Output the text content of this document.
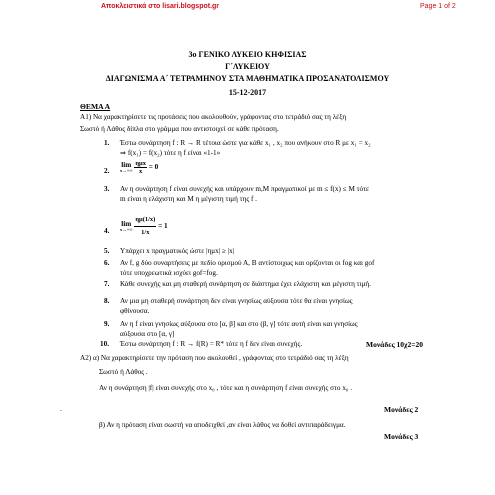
Αποκλειστικά στο lisari.blogspot.gr	Page 1 of 2
3ο ΓΕΝΙΚΟ ΛΥΚΕΙΟ ΚΗΦΙΣΙΑΣ
Γ΄ΛΥΚΕΙΟΥ
ΔΙΑΓΩΝΙΣΜΑ Α΄ ΤΕΤΡΑΜΗΝΟΥ ΣΤΑ ΜΑΘΗΜΑΤΙΚΑ ΠΡΟΣΑΝΑΤΟΛΙΣΜΟΥ
15-12-2017
ΘΕΜΑ Α
Α1) Να χαρακτηρίσετε τις προτάσεις που ακολουθούν, γράφοντας στο τετράδιό σας τη λέξη
Σωστό ή Λάθος δίπλα στο γράμμα που αντιστοιχεί σε κάθε πρόταση.
1. Έστω συνάρτηση f : R → R τέτοια ώστε για κάθε x₁ , x₂ που ανήκουν στο R με x₁ = x₂
⇒ f(x₁) = f(x₂) τότε η f είναι «1-1»
2.
lim
x→+∞
$\frac{\text{ημx}}{x} = 0$
3. Αν η συνάρτηση f είναι συνεχής και υπάρχουν m,M πραγματικοί με m ≤ f(x) ≤ M τότε
m είναι η ελάχιστη και Μ η μέγιστη τιμή της f .
4.
lim
x→+∞
$\frac{\eta\mu(1/x)}{1/x} = 1$
5. Υπάρχει x πραγματικός ώστε |ημx| ≥ |x|
6. Αν f, g δύο συναρτήσεις με πεδίο ορισμού Α, Β αντίστοιχως και ορίζονται οι fog και gof
τότε υποχρεωτικά ισχύει gof=fog.
7. Κάθε συνεχής και μη σταθερή συνάρτηση σε διάστημα έχει ελάχιστη και μέγιστη τιμή.
8. Αν μια μη σταθερή συνάρτηση δεν είναι γνησίως αύξουσα τότε θα είναι γνησίως
φθίνουσα.
9. Αν η f είναι γνησίως αύξουσα στο [α, β] και στο (β, γ] τότε αυτή είναι και γνησίως
αύξουσα στο [α, γ]
10. Έστω συνάρτηση f : R → f(R) = R* τότε η f δεν είναι συνεχής.	Μονάδες 10χ2=20
Α2) α) Να χαρακτηρίσετε την πρόταση που ακολουθεί , γράφοντας στο τετράδιό σας τη λέξη
Σωστό ή Λάθος .
Αν η συνάρτηση |f| είναι συνεχής στο x₀ , τότε και η συνάρτηση f είναι συνεχής στο x₀ .
.	Μονάδες 2
β) Αν η πρόταση είναι σωστή να αποδειχθεί ,αν είναι λάθος να δοθεί αντιπαράδειγμα.
Μονάδες 3
